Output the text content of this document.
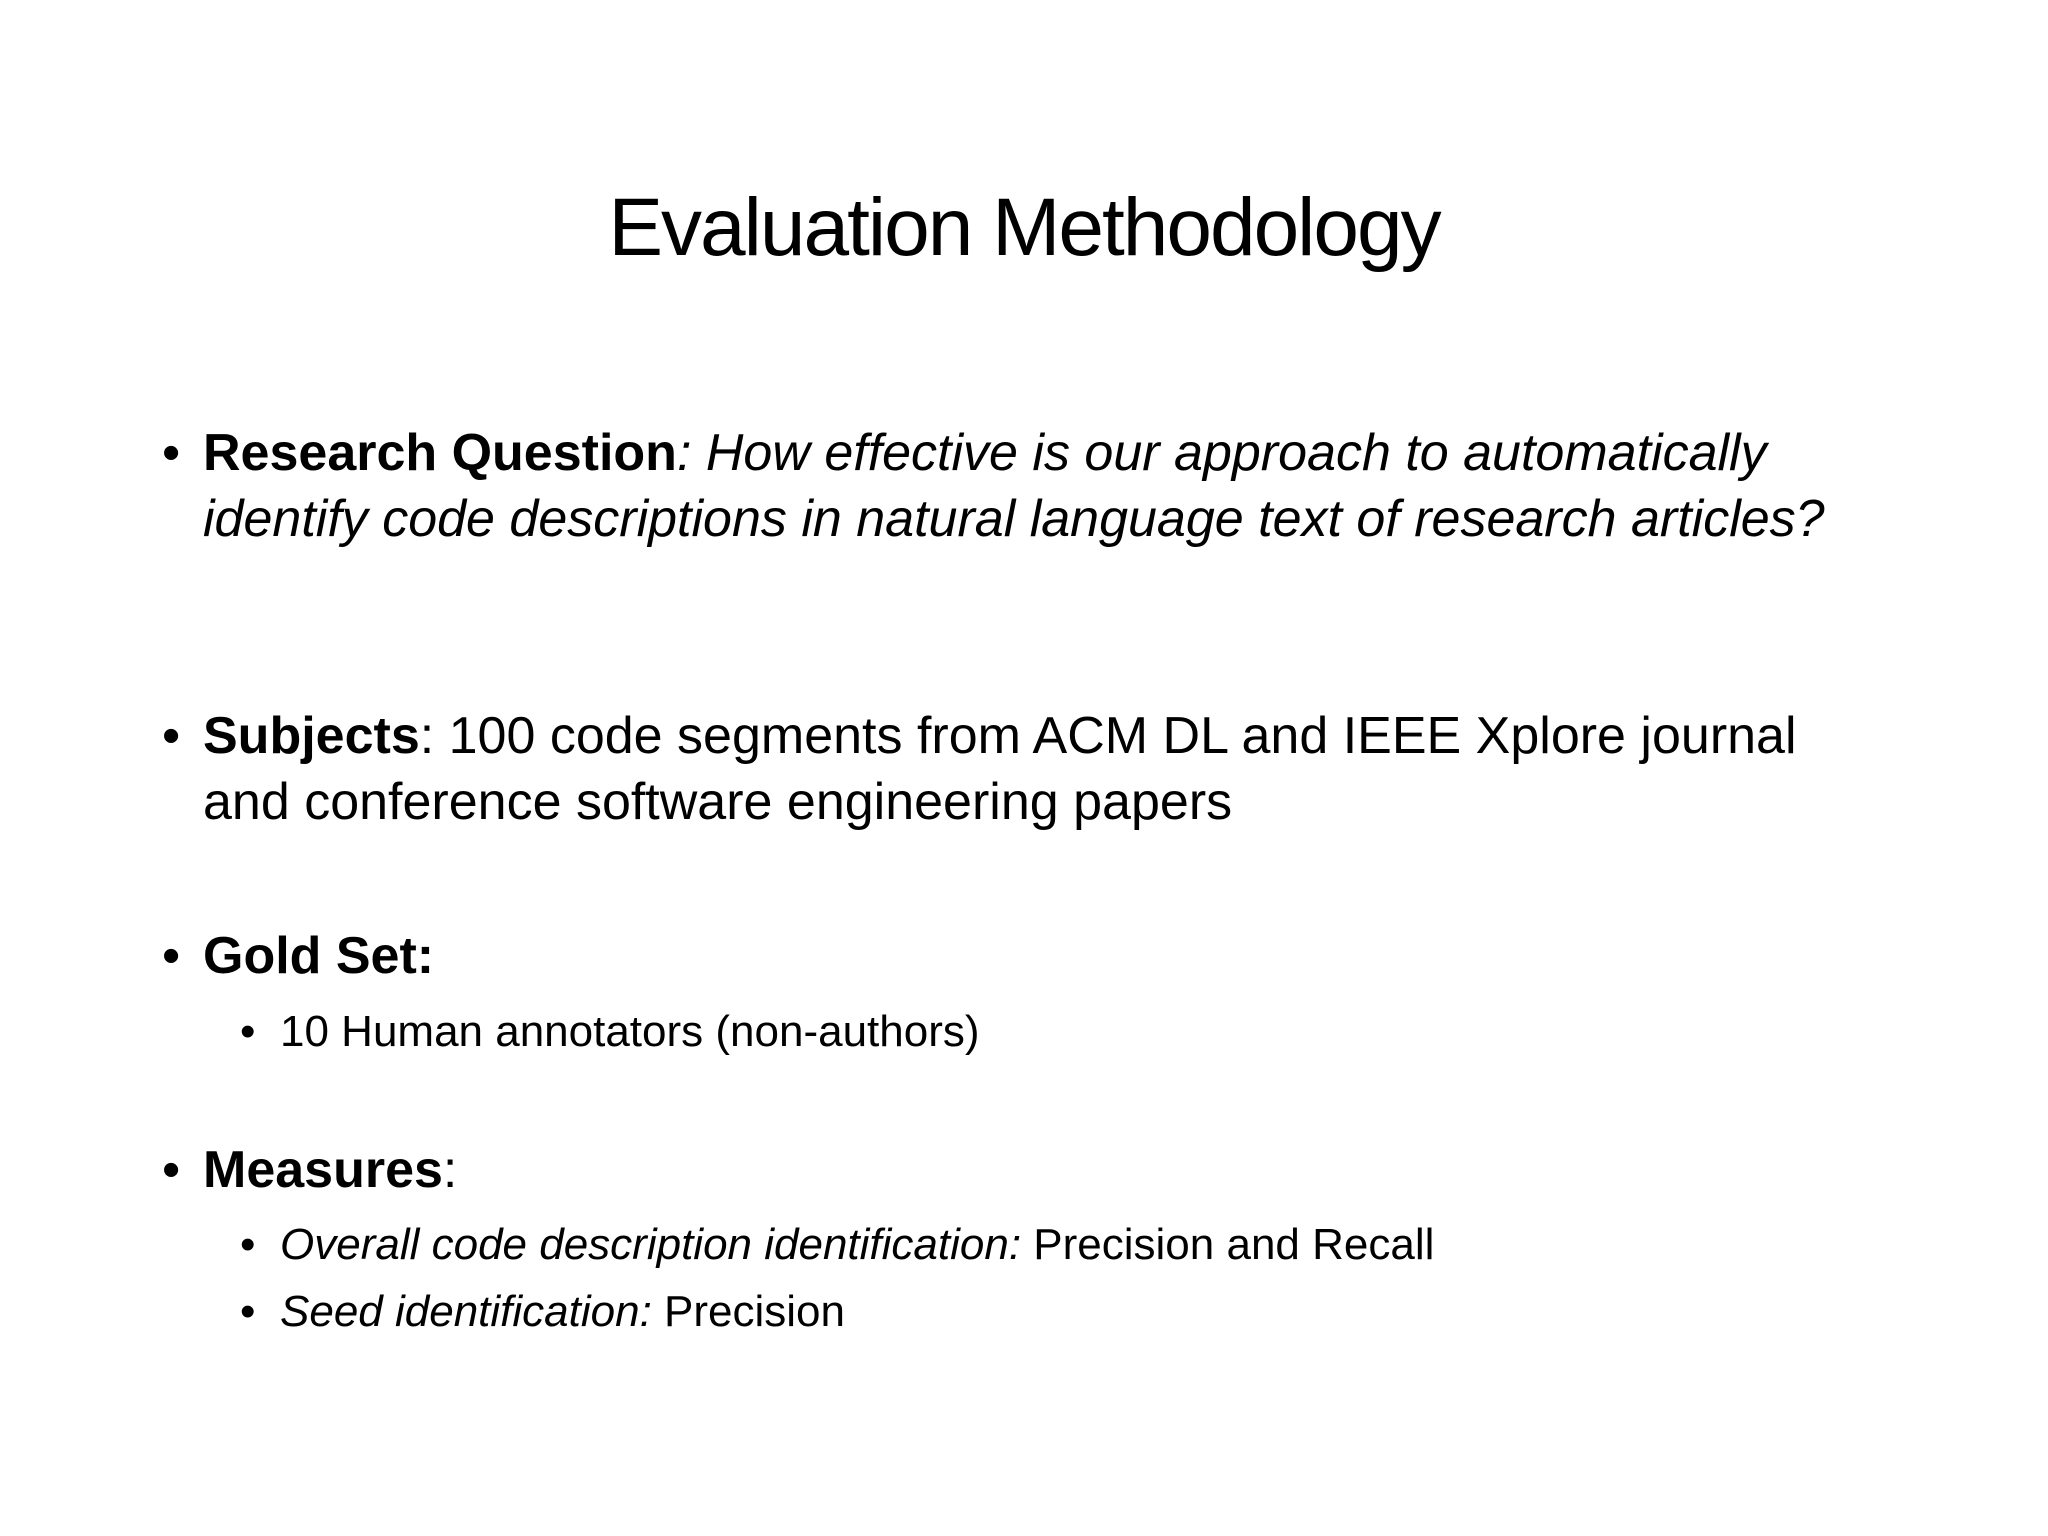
Evaluation Methodology
• Research Question: How effective is our approach to automatically identify code descriptions in natural language text of research articles?
• Subjects: 100 code segments from ACM DL and IEEE Xplore journal and conference software engineering papers
• Gold Set:
• 10 Human annotators (non-authors)
• Measures:
• Overall code description identification: Precision and Recall
• Seed identification: Precision
